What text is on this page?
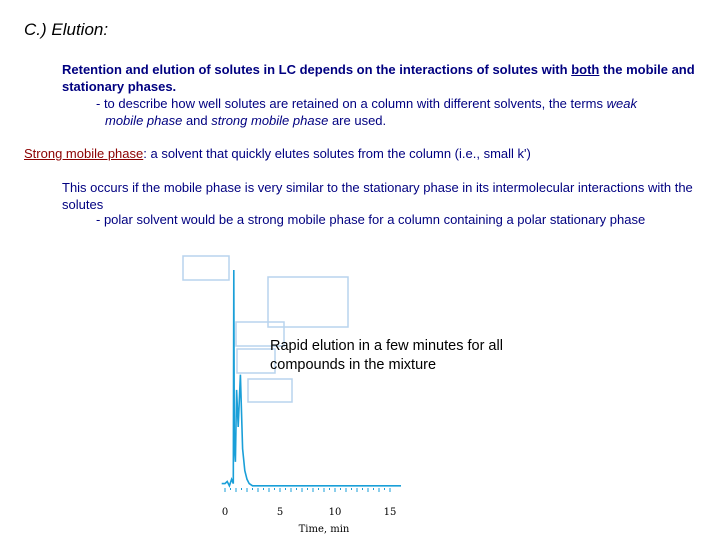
C.) Elution:
Retention and elution of solutes in LC depends on the interactions of solutes with both the mobile and stationary phases.
- to describe how well solutes are retained on a column with different solvents, the terms weak
mobile phase and strong mobile phase are used.
Strong mobile phase: a solvent that quickly elutes solutes from the column (i.e., small k')
This occurs if the mobile phase is very similar to the stationary phase in its intermolecular interactions with the solutes
- polar solvent would be a strong mobile phase for a column containing a polar stationary phase
0	5	10	15
Time, min
Rapid elution in a few minutes for all compounds in the mixture
